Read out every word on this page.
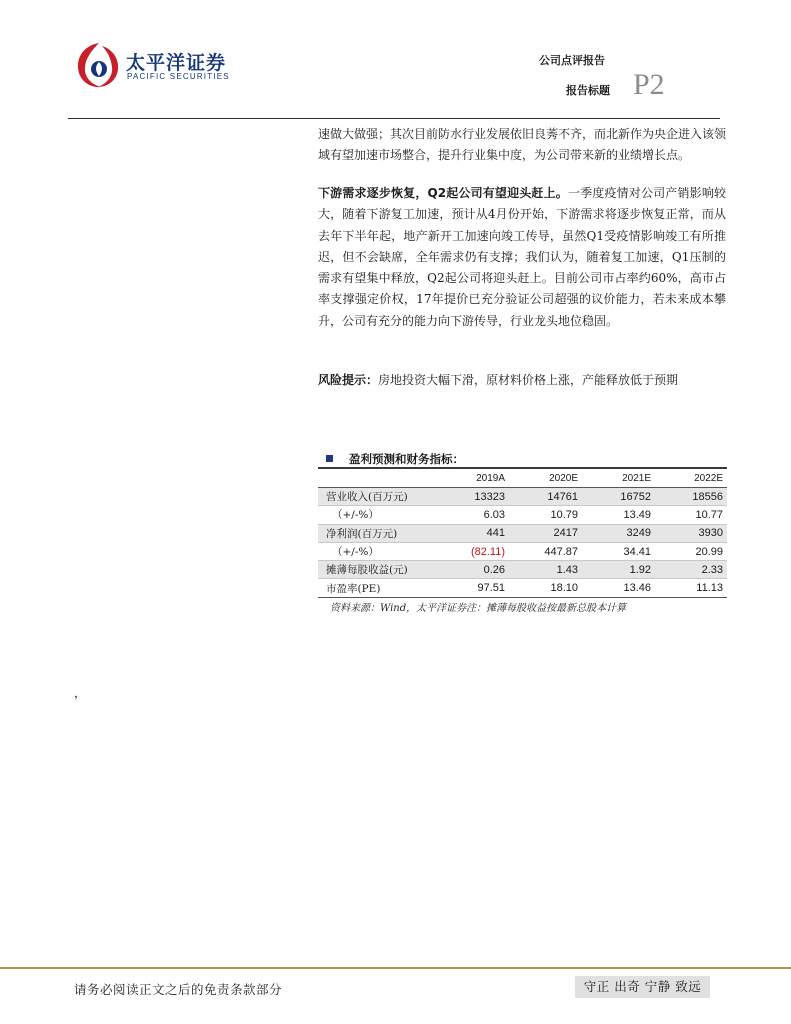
太平洋证券
PACIFIC SECURITIES
公司点评报告
P2
报告标题

速做大做强；其次目前防水行业发展依旧良莠不齐，而北新作为央企进入该领域有望加速市场整合，提升行业集中度，为公司带来新的业绩增长点。

下游需求逐步恢复，Q2起公司有望迎头赶上。一季度疫情对公司产销影响较大，随着下游复工加速，预计从4月份开始，下游需求将逐步恢复正常，而从去年下半年起，地产新开工加速向竣工传导，虽然Q1受疫情影响竣工有所推迟，但不会缺席，全年需求仍有支撑；我们认为，随着复工加速，Q1压制的需求有望集中释放，Q2起公司将迎头赶上。目前公司市占率约60%，高市占率支撑强定价权，17年提价已充分验证公司超强的议价能力，若未来成本攀升，公司有充分的能力向下游传导，行业龙头地位稳固。

风险提示：房地投资大幅下滑，原材料价格上涨，产能释放低于预期

盈利预测和财务指标：
	2019A	2020E	2021E	2022E
营业收入(百万元)	13323	14761	16752	18556
（+/-%）	6.03	10.79	13.49	10.77
净利润(百万元)	441	2417	3249	3930
（+/-%）	(82.11)	447.87	34.41	20.99
摊薄每股收益(元)	0.26	1.43	1.92	2.33
市盈率(PE)	97.51	18.10	13.46	11.13
资料来源：Wind，太平洋证券注：摊薄每股收益按最新总股本计算
，
请务必阅读正文之后的免责条款部分	守正 出奇 宁静 致远
